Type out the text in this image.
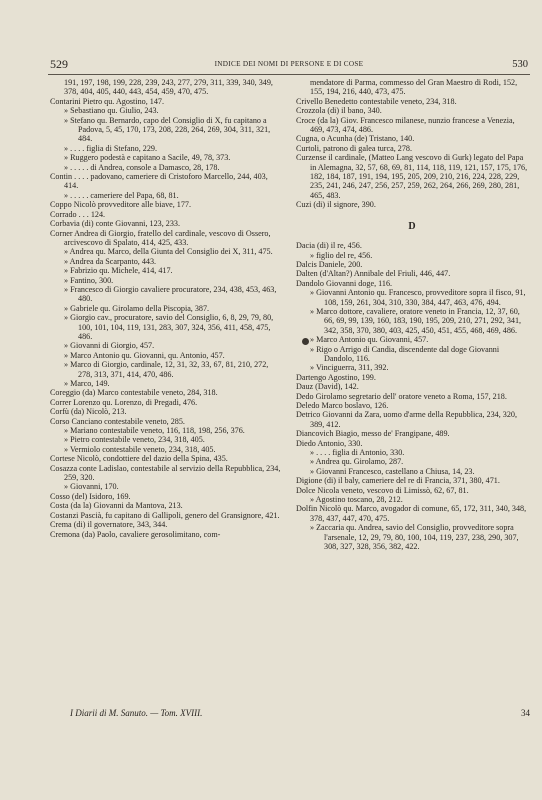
529	INDICE DEI NOMI DI PERSONE E DI COSE	530

191, 197, 198, 199, 228, 239, 243, 277, 279, 311, 339, 340, 349, 378, 404, 405, 440, 443, 454, 459, 470, 475.

Contarini Pietro qu. Agostino, 147.

» Sebastiano qu. Giulio, 243.

» Stefano qu. Bernardo, capo del Consiglio di X, fu capitano a Padova, 5, 45, 170, 173, 208, 228, 264, 269, 304, 311, 321, 484.

» . . . . figlia di Stefano, 229.

» Ruggero podestà e capitano a Sacile, 49, 78, 373.

» . . . . . di Andrea, console a Damasco, 28, 178.

Contin . . . . padovano, cameriere di Cristoforo Marcello, 244, 403, 414.

» . . . . . cameriere del Papa, 68, 81.

Coppo Nicolò provveditore alle biave, 177.

Corrado . . . 124.

Corbavia (di) conte Giovanni, 123, 233.

Corner Andrea di Giorgio, fratello del cardinale, vescovo di Ossero, arcivescovo di Spalato, 414, 425, 433.

» Andrea qu. Marco, della Giunta del Consiglio dei X, 311, 475.

» Andrea da Scarpanto, 443.

» Fabrizio qu. Michele, 414, 417.

» Fantino, 300.

» Francesco di Giorgio cavaliere procuratore, 234, 438, 453, 463, 480.

» Gabriele qu. Girolamo della Piscopia, 387.

» Giorgio cav., procuratore, savio del Consiglio, 6, 8, 29, 79, 80, 100, 101, 104, 119, 131, 283, 307, 324, 356, 411, 458, 475, 486.

» Giovanni di Giorgio, 457.

» Marco Antonio qu. Giovanni, qu. Antonio, 457.

» Marco di Giorgio, cardinale, 12, 31, 32, 33, 67, 81, 210, 272, 278, 313, 371, 414, 470, 486.

» Marco, 149.

Coreggio (da) Marco contestabile veneto, 284, 318.

Correr Lorenzo qu. Lorenzo, di Pregadi, 476.

Corfù (da) Nicolò, 213.

Corso Canciano contestabile veneto, 285.

» Mariano contestabile veneto, 116, 118, 198, 256, 376.

» Pietro contestabile veneto, 234, 318, 405.

» Vermiolo contestabile veneto, 234, 318, 405.

Cortese Nicolò, condottiere del dazio della Spina, 435.

Cosazza conte Ladislao, contestabile al servizio della Repubblica, 234, 259, 320.

» Giovanni, 170.

Cosso (del) Isidoro, 169.

Costa (da la) Giovanni da Mantova, 213.

Costanzi Pascià, fu capitano di Gallipoli, genero del Gransignore, 421.

Crema (di) il governatore, 343, 344.

Cremona (da) Paolo, cavaliere gerosolimitano, com-

mendatore di Parma, commesso del Gran Maestro di Rodi, 152, 155, 194, 216, 440, 473, 475.

Crivello Benedetto contestabile veneto, 234, 318.

Crozzola (di) il bano, 340.

Croce (da la) Giov. Francesco milanese, nunzio francese a Venezia, 469, 473, 474, 486.

Cugna, o Acunha (de) Tristano, 140.

Curtoli, patrono di galea turca, 278.

Curzense il cardinale, (Matteo Lang vescovo di Gurk) legato del Papa in Alemagna, 32, 57, 68, 69, 81, 114, 118, 119, 121, 157, 175, 176, 182, 184, 187, 191, 194, 195, 205, 209, 210, 216, 224, 228, 229, 235, 241, 246, 247, 256, 257, 259, 262, 264, 266, 269, 280, 281, 465, 483.

Cuzi (di) il signore, 390.

D

Dacia (di) il re, 456.

» figlio del re, 456.

Dalcis Daniele, 200.

Dalten (d'Altan?) Annibale del Friuli, 446, 447.

Dandolo Giovanni doge, 116.

» Giovanni Antonio qu. Francesco, provveditore sopra il fisco, 91, 108, 159, 261, 304, 310, 330, 384, 447, 463, 476, 494.

» Marco dottore, cavaliere, oratore veneto in Francia, 12, 37, 60, 66, 69, 99, 139, 160, 183, 190, 195, 209, 210, 271, 292, 341, 342, 358, 370, 380, 403, 425, 450, 451, 455, 468, 469, 486.

» Marco Antonio qu. Giovanni, 457.

» Rigo o Arrigo di Candia, discendente dal doge Giovanni Dandolo, 116.

» Vinciguerra, 311, 392.

Dartengo Agostino, 199.

Dauz (David), 142.

Dedo Girolamo segretario dell' oratore veneto a Roma, 157, 218.

Deledo Marco boslavo, 126.

Detrico Giovanni da Zara, uomo d'arme della Repubblica, 234, 320, 389, 412.

Diancovich Biagio, messo de' Frangipane, 489.

Diedo Antonio, 330.

» . . . . figlia di Antonio, 330.

» Andrea qu. Girolamo, 287.

» Giovanni Francesco, castellano a Chiusa, 14, 23.

Digione (di) il baly, cameriere del re di Francia, 371, 380, 471.

Dolce Nicola veneto, vescovo di Limissò, 62, 67, 81.

» Agostino toscano, 28, 212.

Dolfin Nicolò qu. Marco, avogador di comune, 65, 172, 311, 340, 348, 378, 437, 447, 470, 475.

» Zaccaria qu. Andrea, savio del Consiglio, provveditore sopra l'arsenale, 12, 29, 79, 80, 100, 104, 119, 237, 238, 290, 307, 308, 327, 328, 356, 382, 422.

I Diarii di M. Sanuto. — Tom. XVIII.	34
